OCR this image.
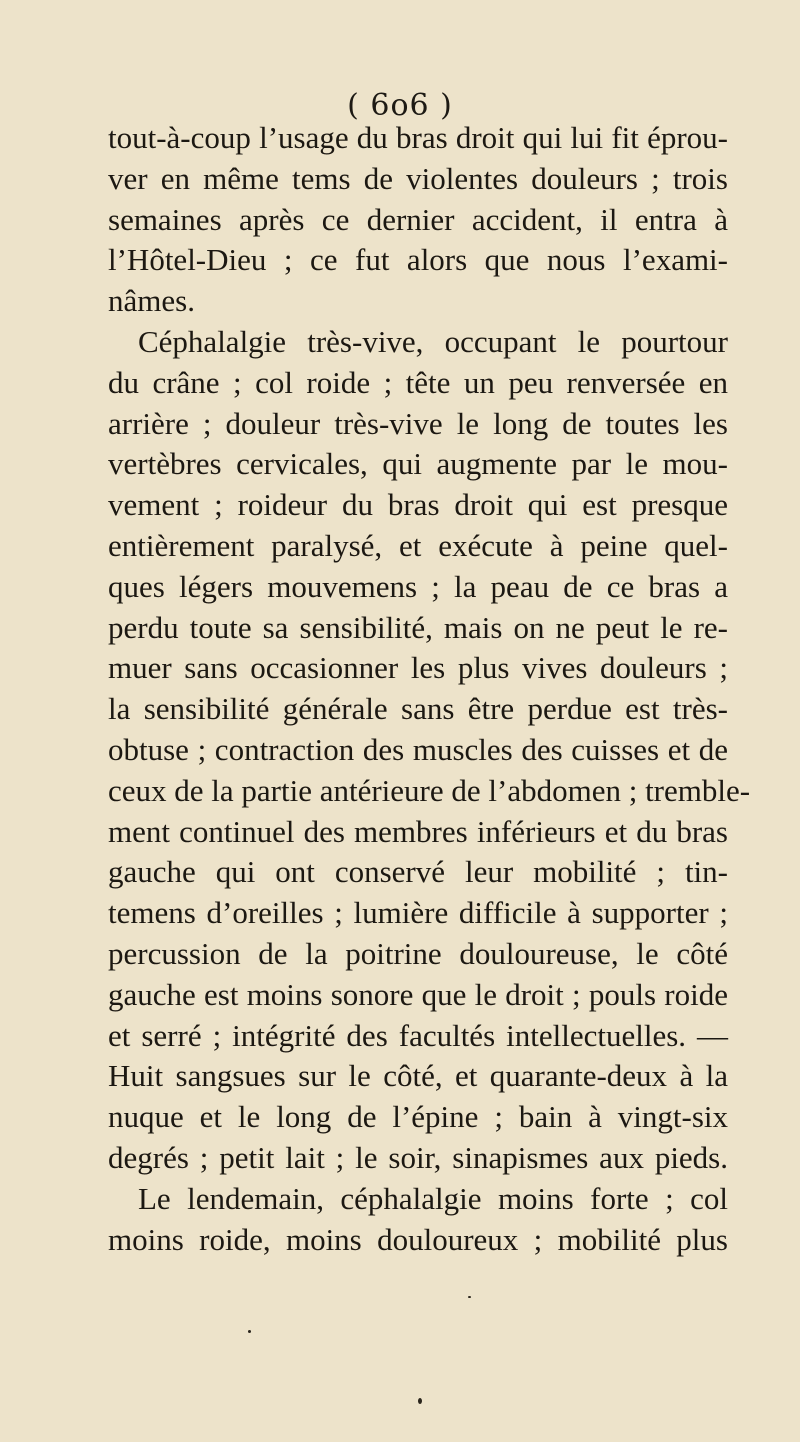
( 6o6 )
tout-à-coup l’usage du bras droit qui lui fit éprou-
ver en même tems de violentes douleurs ; trois
semaines après ce dernier accident, il entra à
l’Hôtel-Dieu ; ce fut alors que nous l’exami-
nâmes.
Céphalalgie très-vive, occupant le pourtour
du crâne ; col roide ; tête un peu renversée en
arrière ; douleur très-vive le long de toutes les
vertèbres cervicales, qui augmente par le mou-
vement ; roideur du bras droit qui est presque
entièrement paralysé, et exécute à peine quel-
ques légers mouvemens ; la peau de ce bras a
perdu toute sa sensibilité, mais on ne peut le re-
muer sans occasionner les plus vives douleurs ;
la sensibilité générale sans être perdue est très-
obtuse ; contraction des muscles des cuisses et de
ceux de la partie antérieure de l’abdomen ; tremble-
ment continuel des membres inférieurs et du bras
gauche qui ont conservé leur mobilité ; tin-
temens d’oreilles ; lumière difficile à supporter ;
percussion de la poitrine douloureuse, le côté
gauche est moins sonore que le droit ; pouls roide
et serré ; intégrité des facultés intellectuelles. —
Huit sangsues sur le côté, et quarante-deux à la
nuque et le long de l’épine ; bain à vingt-six
degrés ; petit lait ; le soir, sinapismes aux pieds.
Le lendemain, céphalalgie moins forte ; col
moins roide, moins douloureux ; mobilité plus
